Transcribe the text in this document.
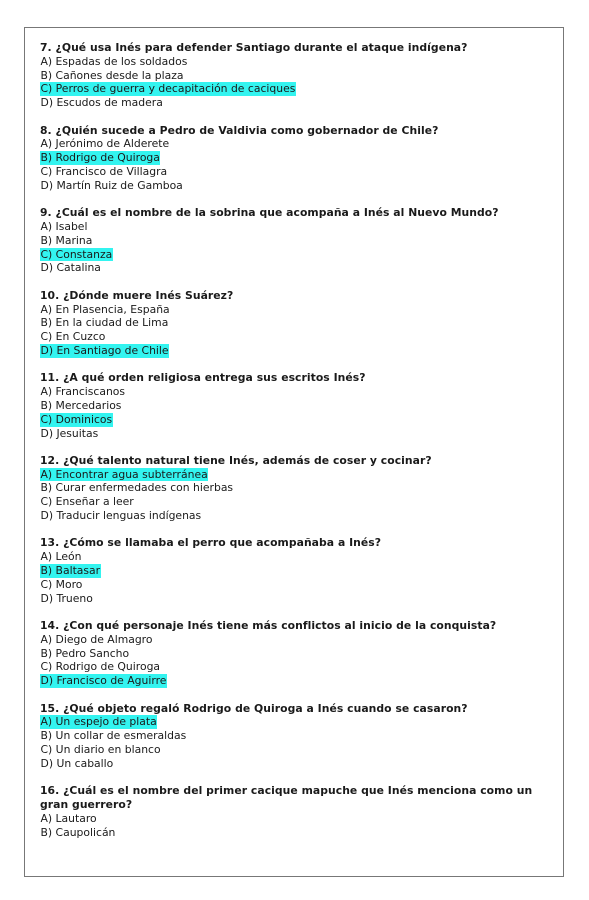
7. ¿Qué usa Inés para defender Santiago durante el ataque indígena?

A) Espadas de los soldados
B) Cañones desde la plaza
C) Perros de guerra y decapitación de caciques
D) Escudos de madera

8. ¿Quién sucede a Pedro de Valdivia como gobernador de Chile?

A) Jerónimo de Alderete
B) Rodrigo de Quiroga
C) Francisco de Villagra
D) Martín Ruiz de Gamboa

9. ¿Cuál es el nombre de la sobrina que acompaña a Inés al Nuevo Mundo?

A) Isabel
B) Marina
C) Constanza
D) Catalina

10. ¿Dónde muere Inés Suárez?

A) En Plasencia, España
B) En la ciudad de Lima
C) En Cuzco
D) En Santiago de Chile

11. ¿A qué orden religiosa entrega sus escritos Inés?

A) Franciscanos
B) Mercedarios
C) Dominicos
D) Jesuitas

12. ¿Qué talento natural tiene Inés, además de coser y cocinar?

A) Encontrar agua subterránea
B) Curar enfermedades con hierbas
C) Enseñar a leer
D) Traducir lenguas indígenas

13. ¿Cómo se llamaba el perro que acompañaba a Inés?

A) León
B) Baltasar
C) Moro
D) Trueno

14. ¿Con qué personaje Inés tiene más conflictos al inicio de la conquista?

A) Diego de Almagro
B) Pedro Sancho
C) Rodrigo de Quiroga
D) Francisco de Aguirre

15. ¿Qué objeto regaló Rodrigo de Quiroga a Inés cuando se casaron?

A) Un espejo de plata
B) Un collar de esmeraldas
C) Un diario en blanco
D) Un caballo

16. ¿Cuál es el nombre del primer cacique mapuche que Inés menciona como un gran guerrero?

A) Lautaro
B) Caupolicán
